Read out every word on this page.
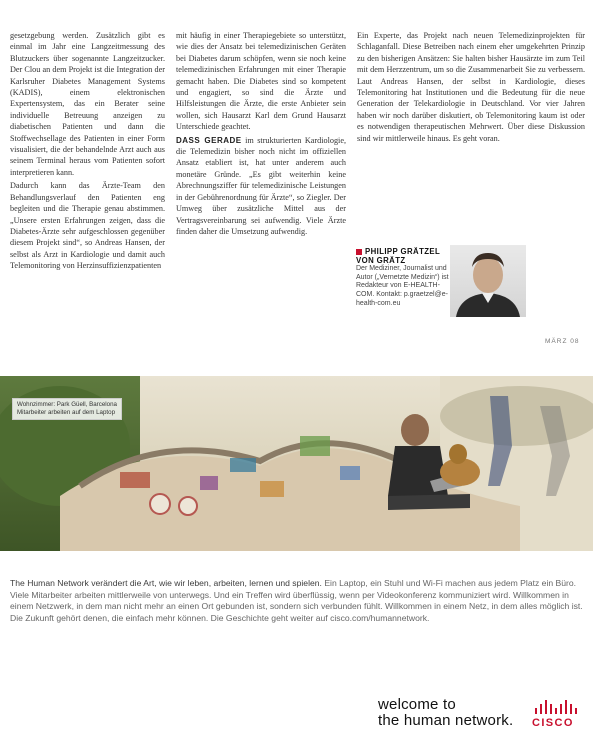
gesetzgebung werden. Zusätzlich gibt es einmal im Jahr eine Langzeitmessung des Blutzuckers über sogenannte Langzeitzucker. Der Clou an dem Projekt ist die Integration der Karlsruher Diabetes Management Systems (KADIS), einem elektronischen Expertensystem, das ein Berater seine individuelle Betreuung anzeigen zu diabetischen Patienten und dann die Stoffwechsellage des Patienten in einer Form visualisiert, die der behandelnde Arzt auch aus seinem Terminal heraus vom Patienten sofort interpretieren kann.

Dadurch kann das Ärzte-Team den Behandlungsverlauf den Patienten eng begleiten und die Therapie genau abstimmen. „Unsere ersten Erfahrungen zeigen, dass die Diabetes-Ärzte sehr aufgeschlossen gegenüber diesem Projekt sind“, so Andreas Hansen, der selbst als Arzt in Kardiologie und damit auch Telemonitoring von Herzinsuffizienzpatienten

mit häufig in einer Therapiegebiete so unterstützt, wie dies der Ansatz bei telemedizinischen Geräten bei Diabetes darum schöpfen, wenn sie noch keine telemedizinischen Erfahrungen mit einer Therapie gemacht haben. Die Diabetes sind so kompetent und engagiert, so sind die Ärzte und Hilfsleistungen die Ärzte, die erste Anbieter sein wollen, sich Hausarzt Karl dem Grund Hausarzt Unterschiede geachtet.

DASS GERADE im strukturierten Kardiologie, die Telemedizin bisher noch nicht im offiziellen Ansatz etabliert ist, hat unter anderem auch monetäre Gründe. „Es gibt weiterhin keine Abrechnungsziffer für telemedizinische Leistungen in der Gebührenordnung für Ärzte“, so Ziegler. Der Umweg über zusätzliche Mittel aus der Vertragsvereinbarung sei aufwendig. Viele Ärzte finden daher die Umsetzung aufwendig.

Ein Experte, das Projekt nach neuen Telemedizinprojekten für Schlaganfall. Diese Betreiben nach einem eher umgekehrten Prinzip zu den bisherigen Ansätzen: Sie halten bisher Hausärzte im zum Teil mit dem Herzzentrum, um so die Zusammenarbeit Sie zu verbessern. Laut Andreas Hansen, der selbst in Kardiologie, dieses Telemonitoring hat Institutionen und die Bedeutung für die neue Generation der Telekardiologie in Deutschland. Vor vier Jahren haben wir noch darüber diskutiert, ob Telemonitoring kaum ist oder es notwendigen therapeutischen Mehrwert. Über diese Diskussion sind wir mittlerweile hinaus. Es geht voran.

PHILIPP GRÄTZEL
VON GRÄTZ
Der Mediziner, Journalist und Autor („Vernetzte Medizin“) ist Redakteur von E-HEALTH-COM. Kontakt: p.graetzel@e-health-com.eu
MÄRZ 08
Wohnzimmer: Park Güell, Barcelona
Mitarbeiter arbeiten auf dem Laptop
The Human Network verändert die Art, wie wir leben, arbeiten, lernen und spielen. Ein Laptop, ein Stuhl und Wi-Fi machen aus jedem Platz ein Büro. Viele Mitarbeiter arbeiten mittlerweile von unterwegs. Und ein Treffen wird überflüssig, wenn per Videokonferenz kommuniziert wird. Willkommen in einem Netzwerk, in dem man nicht mehr an einen Ort gebunden ist, sondern sich verbunden fühlt. Willkommen in einem Netz, in dem alles möglich ist. Die Zukunft gehört denen, die einfach mehr können. Die Geschichte geht weiter auf cisco.com/humannetwork.
welcome to
the human network. CISCO
